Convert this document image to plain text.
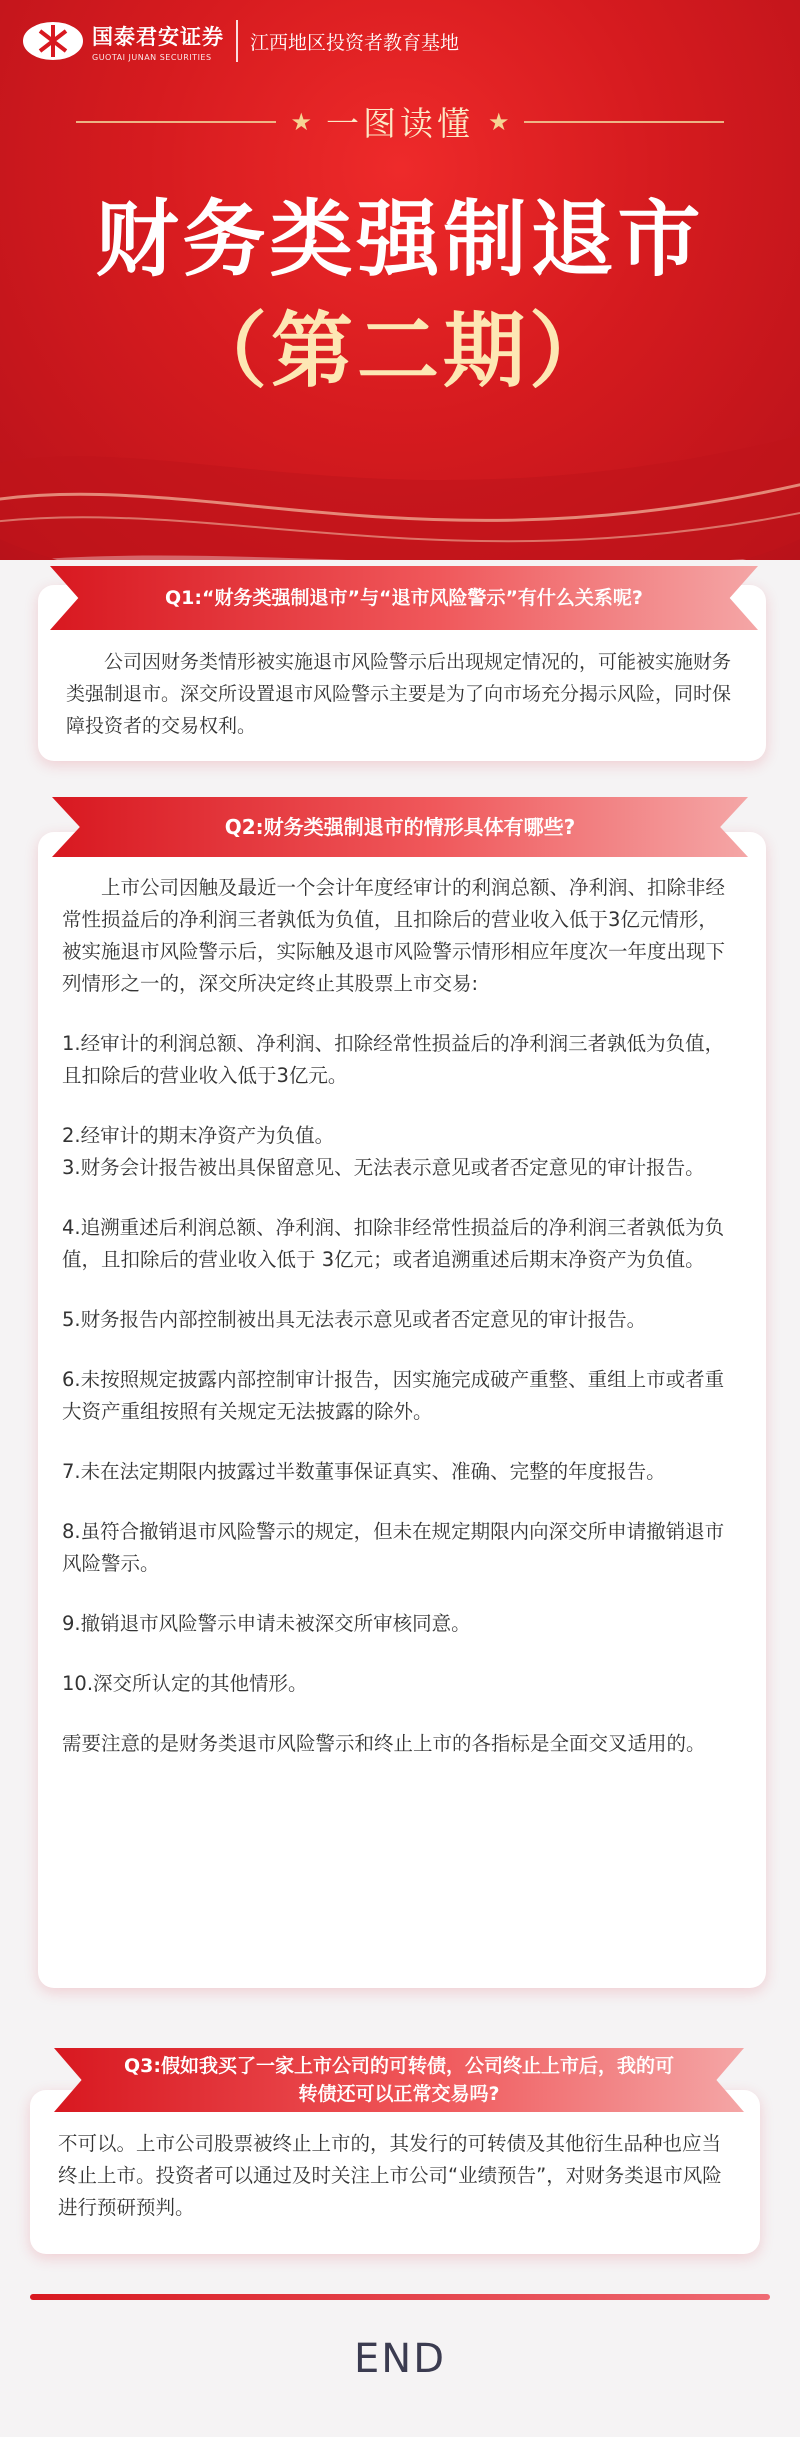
国泰君安证券
GUOTAI JUNAN SECURITIES
江西地区投资者教育基地
★ 一图读懂 ★
财务类强制退市
（第二期）
Q1:“财务类强制退市”与“退市风险警示”有什么关系呢?

公司因财务类情形被实施退市风险警示后出现规定情况的，可能被实施财务类强制退市。深交所设置退市风险警示主要是为了向市场充分揭示风险，同时保障投资者的交易权利。

Q2:财务类强制退市的情形具体有哪些?

上市公司因触及最近一个会计年度经审计的利润总额、净利润、扣除非经常性损益后的净利润三者孰低为负值，且扣除后的营业收入低于3亿元情形，被实施退市风险警示后，实际触及退市风险警示情形相应年度次一年度出现下列情形之一的，深交所决定终止其股票上市交易:

1.经审计的利润总额、净利润、扣除经常性损益后的净利润三者孰低为负值，且扣除后的营业收入低于3亿元。

2.经审计的期末净资产为负值。

3.财务会计报告被出具保留意见、无法表示意见或者否定意见的审计报告。

4.追溯重述后利润总额、净利润、扣除非经常性损益后的净利润三者孰低为负值，且扣除后的营业收入低于 3亿元；或者追溯重述后期末净资产为负值。

5.财务报告内部控制被出具无法表示意见或者否定意见的审计报告。

6.未按照规定披露内部控制审计报告，因实施完成破产重整、重组上市或者重大资产重组按照有关规定无法披露的除外。

7.未在法定期限内披露过半数董事保证真实、准确、完整的年度报告。

8.虽符合撤销退市风险警示的规定，但未在规定期限内向深交所申请撤销退市风险警示。

9.撤销退市风险警示申请未被深交所审核同意。

10.深交所认定的其他情形。

需要注意的是财务类退市风险警示和终止上市的各指标是全面交叉适用的。

Q3:假如我买了一家上市公司的可转债，公司终止上市后，我的可转债还可以正常交易吗?

不可以。上市公司股票被终止上市的，其发行的可转债及其他衍生品种也应当终止上市。投资者可以通过及时关注上市公司“业绩预告”，对财务类退市风险进行预研预判。

END
